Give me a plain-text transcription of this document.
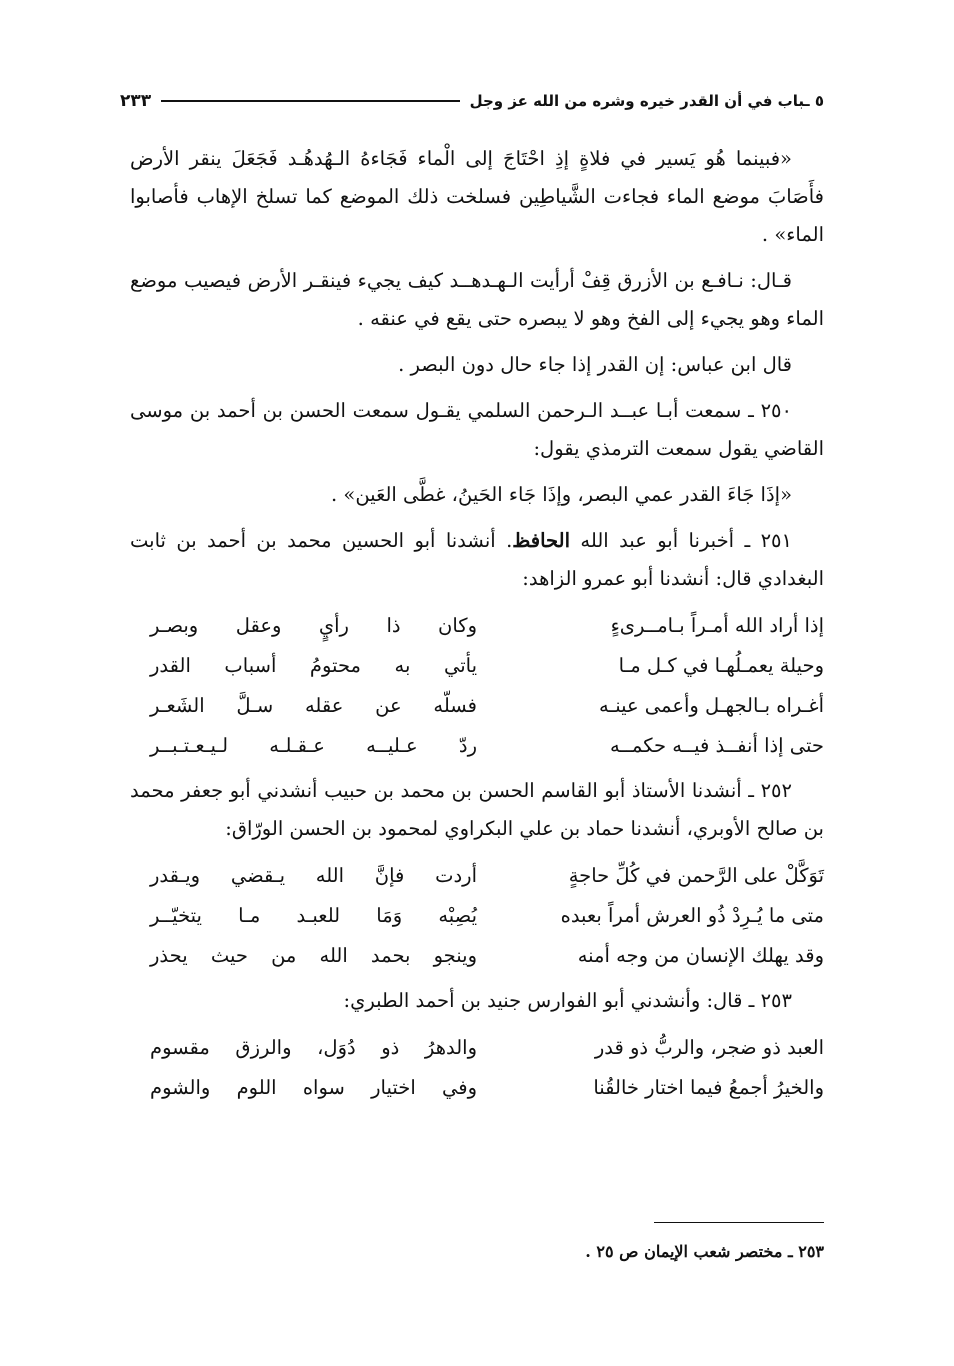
٥ ـباب في أن القدر خيره وشره من الله عز وجل
٢٣٣

«فبينما هُو يَسير في فلاةٍ إذِ احْتَاجَ إلى الْماء فَجَاءهُ الـهُدهُـد فَجَعَلَ ينقر الأرض فأَصَابَ موضع الماء فجاءت الشَّياطِين فسلخت ذلك الموضع كما تسلخ الإهاب فأصابوا الماء» .

قـال: نـافـع بن الأزرق قِفْ أرأيت الـهـدهــد كيف يجيء فينقـر الأرض فيصيب موضع الماء وهو يجيء إلى الفخ وهو لا يبصره حتى يقع في عنقه .

قال ابن عباس: إن القدر إذا جاء حال دون البصر .

٢٥٠ ـ سمعت أبـا عبــد الـرحمن السلمي يقـول سمعت الحسن بن أحمد بن موسى القاضي يقول سمعت الترمذي يقول:

«إذَا جَاءَ القدر عمي البصر، وإذَا جَاء الحَينُ، غطَّى العَين» .

٢٥١ ـ أخبرنا أبو عبد الله الحافظ. أنشدنا أبو الحسين محمد بن أحمد بن ثابت البغدادي قال: أنشدنا أبو عمرو الزاهد:

إذا أراد الله أمـراً بـامــرىءٍ
وكان ذا رأيٍ وعقل وبصـر
وحيلة يعمـلُهـا في كـل مـا
يأتي به محتومُ أسباب القدر
أغـراه بـالجهـل وأعمى عينـه
فسلّه عن عقله سـلَّ الشَعـر
حتى إذا أنفــذ فيــه حكمــه
ردّ عـليــه عـقـلـه لـيـعـتـبــر

٢٥٢ ـ أنشدنا الأستاذ أبو القاسم الحسن بن محمد بن حبيب أنشدني أبو جعفر محمد بن صالح الأوبري، أنشدنا حماد بن علي البكراوي لمحمود بن الحسن الورّاق:

تَوَكَّلْ على الرَّحمن في كُلِّ حاجةٍ
أردت فإنَّ الله يـقضي ويـقدر
متى ما يُـرِدْ ذُو العرش أمراً بعبده
يُصِبْه وَمَا للعبـد مـا يتخيّــر
وقد يهلك الإنسان من وجه أمنه
وينجو بحمد الله من حيث يحذر

٢٥٣ ـ قال: وأنشدني أبو الفوارس جنيد بن أحمد الطبري:

العبد ذو ضجر، والربُّ ذو قدر
والدهرُ ذو دُوَل، والرزق مقسوم
والخيرُ أجمعُ فيما اختار خالقُنا
وفي اختيار سواه اللوم والشوم
٢٥٣ ـ مختصر شعب الإيمان ص ٢٥ .
